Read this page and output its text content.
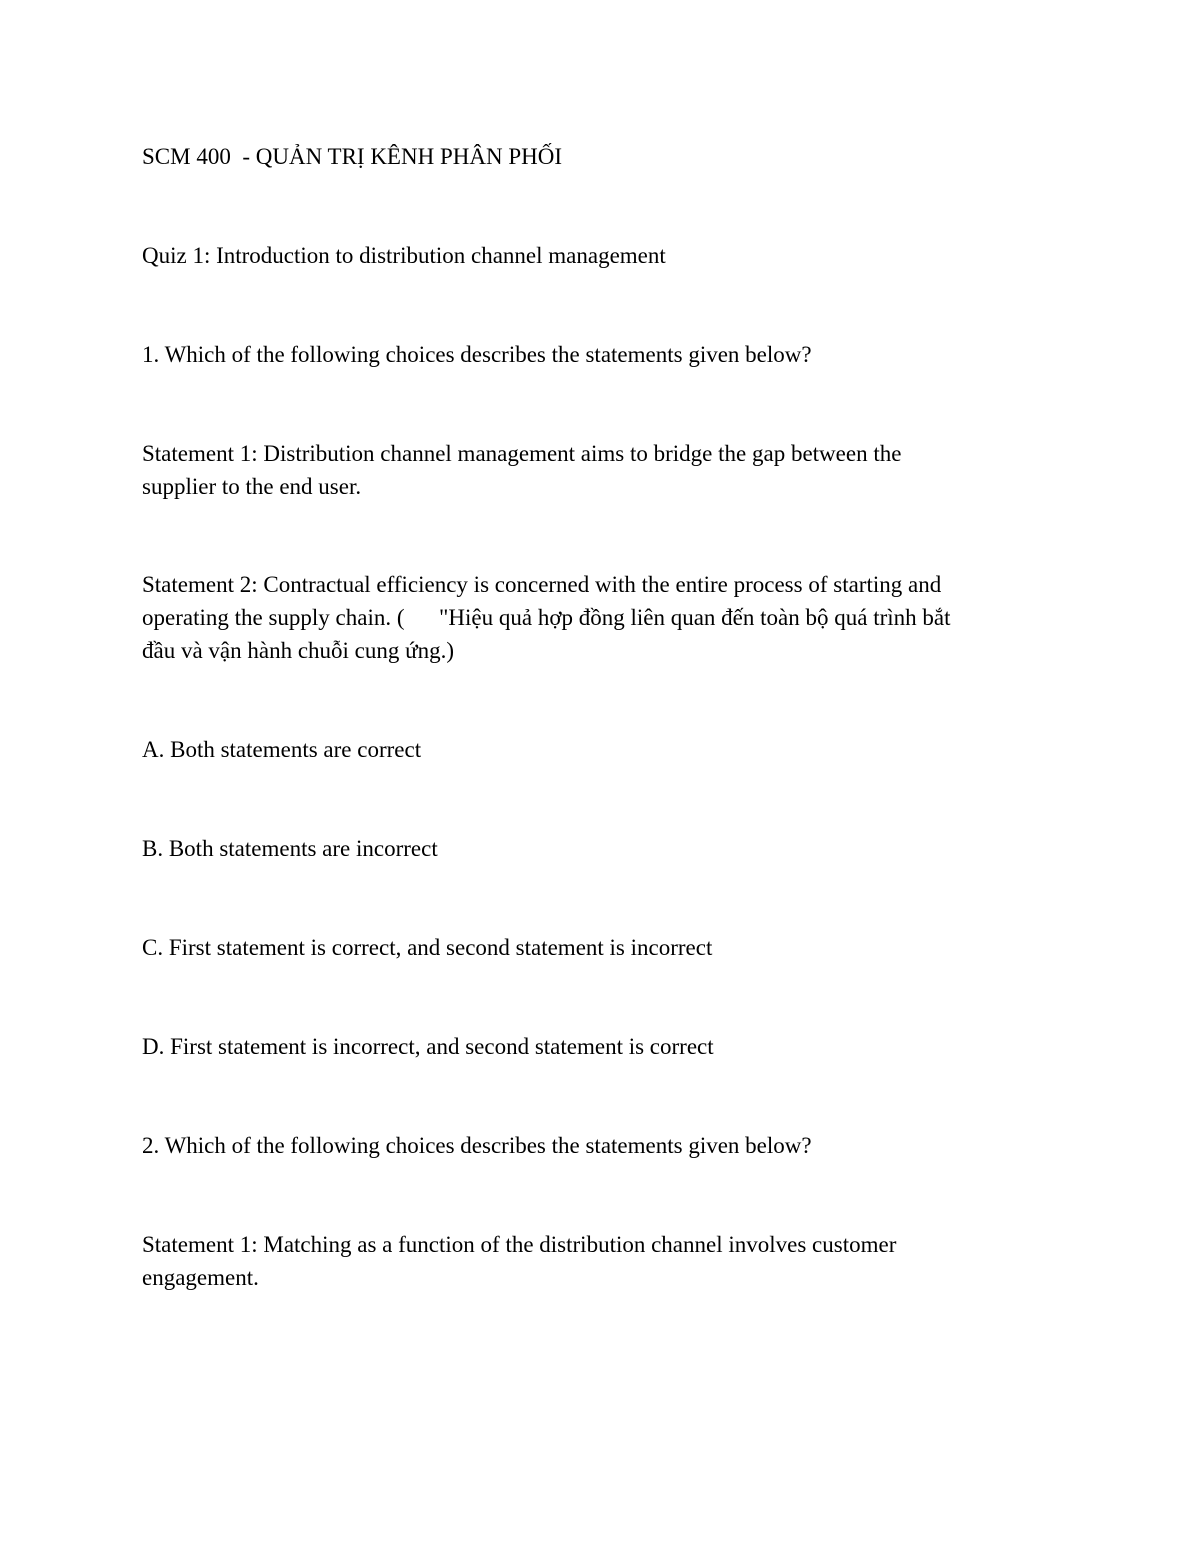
SCM 400  - QUẢN TRỊ KÊNH PHÂN PHỐI

Quiz 1: Introduction to distribution channel management

1. Which of the following choices describes the statements given below?

Statement 1: Distribution channel management aims to bridge the gap between the

supplier to the end user.

Statement 2: Contractual efficiency is concerned with the entire process of starting and

operating the supply chain. (      "Hiệu quả hợp đồng liên quan đến toàn bộ quá trình bắt

đầu và vận hành chuỗi cung ứng.)

A. Both statements are correct

B. Both statements are incorrect

C. First statement is correct, and second statement is incorrect

D. First statement is incorrect, and second statement is correct

2. Which of the following choices describes the statements given below?

Statement 1: Matching as a function of the distribution channel involves customer

engagement.
